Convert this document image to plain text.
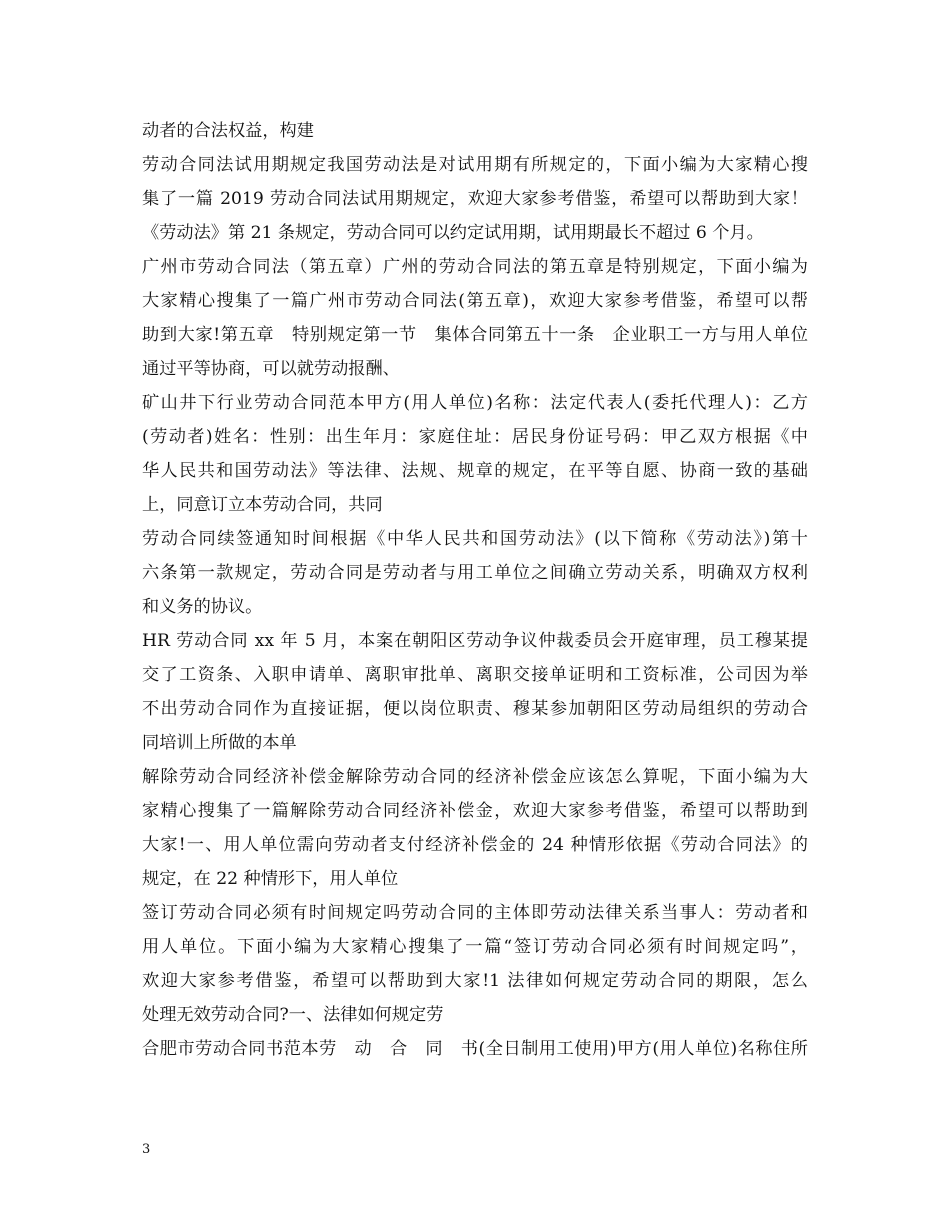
动者的合法权益，构建
劳动合同法试用期规定我国劳动法是对试用期有所规定的，下面小编为大家精心搜
集了一篇 2019 劳动合同法试用期规定，欢迎大家参考借鉴，希望可以帮助到大家！
《劳动法》第 21 条规定，劳动合同可以约定试用期，试用期最长不超过 6 个月。
广州市劳动合同法（第五章）广州的劳动合同法的第五章是特别规定，下面小编为
大家精心搜集了一篇广州市劳动合同法(第五章)，欢迎大家参考借鉴，希望可以帮
助到大家!第五章　特别规定第一节　集体合同第五十一条　企业职工一方与用人单位
通过平等协商，可以就劳动报酬、
矿山井下行业劳动合同范本甲方(用人单位)名称：法定代表人(委托代理人)：乙方
(劳动者)姓名：性别：出生年月：家庭住址：居民身份证号码：甲乙双方根据《中
华人民共和国劳动法》等法律、法规、规章的规定，在平等自愿、协商一致的基础
上，同意订立本劳动合同，共同
劳动合同续签通知时间根据《中华人民共和国劳动法》(以下简称《劳动法》)第十
六条第一款规定，劳动合同是劳动者与用工单位之间确立劳动关系，明确双方权利
和义务的协议。
HR 劳动合同 xx 年 5 月，本案在朝阳区劳动争议仲裁委员会开庭审理，员工穆某提
交了工资条、入职申请单、离职审批单、离职交接单证明和工资标准，公司因为举
不出劳动合同作为直接证据，便以岗位职责、穆某参加朝阳区劳动局组织的劳动合
同培训上所做的本单
解除劳动合同经济补偿金解除劳动合同的经济补偿金应该怎么算呢，下面小编为大
家精心搜集了一篇解除劳动合同经济补偿金，欢迎大家参考借鉴，希望可以帮助到
大家!一、用人单位需向劳动者支付经济补偿金的 24 种情形依据《劳动合同法》的
规定，在 22 种情形下，用人单位
签订劳动合同必须有时间规定吗劳动合同的主体即劳动法律关系当事人：劳动者和
用人单位。下面小编为大家精心搜集了一篇“签订劳动合同必须有时间规定吗”，
欢迎大家参考借鉴，希望可以帮助到大家!1 法律如何规定劳动合同的期限，怎么
处理无效劳动合同?一、法律如何规定劳
合肥市劳动合同书范本劳　动　合　同　书(全日制用工使用)甲方(用人单位)名称住所
3
